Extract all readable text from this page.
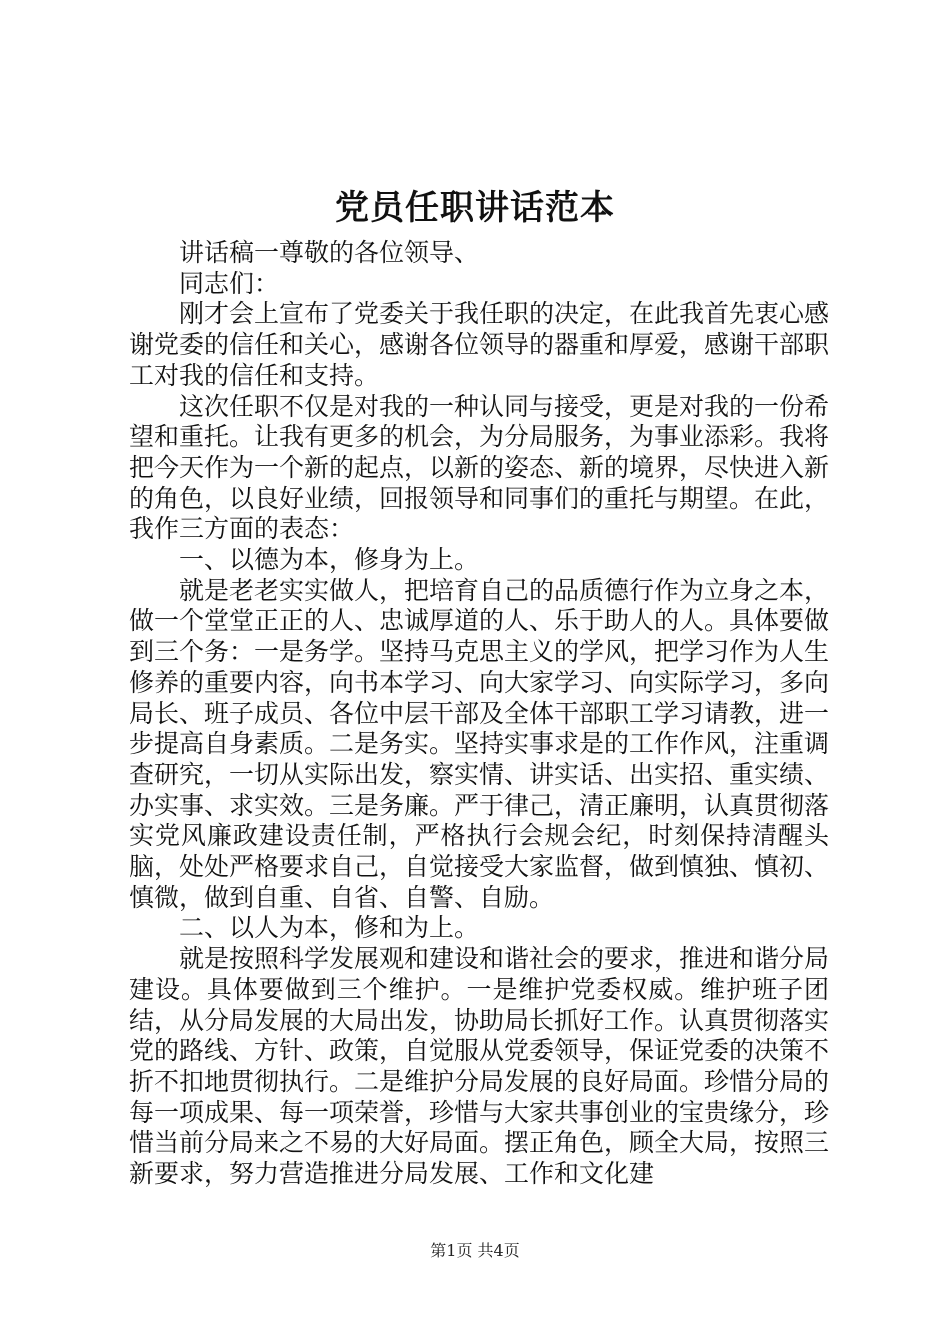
党员任职讲话范本

讲话稿一尊敬的各位领导、

同志们：

刚才会上宣布了党委关于我任职的决定，在此我首先衷心感谢党委的信任和关心，感谢各位领导的器重和厚爱，感谢干部职工对我的信任和支持。

这次任职不仅是对我的一种认同与接受，更是对我的一份希望和重托。让我有更多的机会，为分局服务，为事业添彩。我将把今天作为一个新的起点，以新的姿态、新的境界，尽快进入新的角色，以良好业绩，回报领导和同事们的重托与期望。在此，我作三方面的表态：

一、以德为本，修身为上。

就是老老实实做人，把培育自己的品质德行作为立身之本，做一个堂堂正正的人、忠诚厚道的人、乐于助人的人。具体要做到三个务：一是务学。坚持马克思主义的学风，把学习作为人生修养的重要内容，向书本学习、向大家学习、向实际学习，多向局长、班子成员、各位中层干部及全体干部职工学习请教，进一步提高自身素质。二是务实。坚持实事求是的工作作风，注重调查研究，一切从实际出发，察实情、讲实话、出实招、重实绩、办实事、求实效。三是务廉。严于律己，清正廉明，认真贯彻落实党风廉政建设责任制，严格执行会规会纪，时刻保持清醒头脑，处处严格要求自己，自觉接受大家监督，做到慎独、慎初、慎微，做到自重、自省、自警、自励。

二、以人为本，修和为上。

就是按照科学发展观和建设和谐社会的要求，推进和谐分局建设。具体要做到三个维护。一是维护党委权威。维护班子团结，从分局发展的大局出发，协助局长抓好工作。认真贯彻落实党的路线、方针、政策，自觉服从党委领导，保证党委的决策不折不扣地贯彻执行。二是维护分局发展的良好局面。珍惜分局的每一项成果、每一项荣誉，珍惜与大家共事创业的宝贵缘分，珍惜当前分局来之不易的大好局面。摆正角色，顾全大局，按照三新要求，努力营造推进分局发展、工作和文化建

第1页 共4页
